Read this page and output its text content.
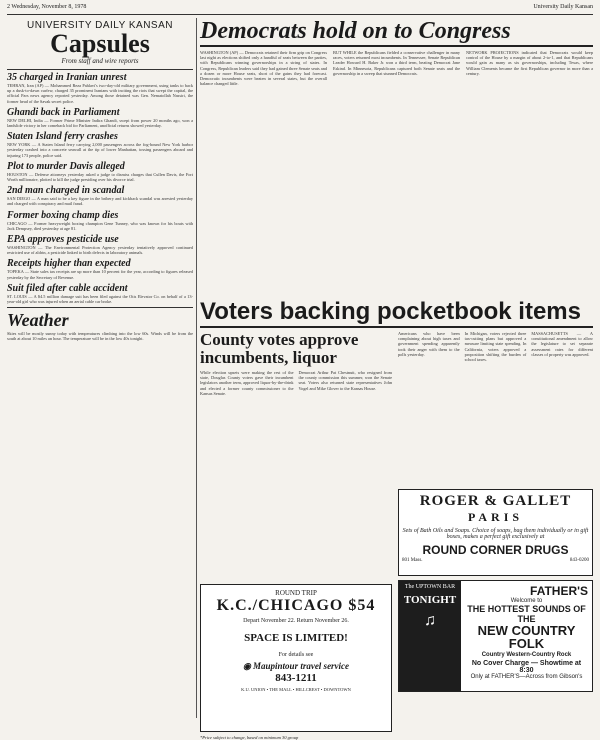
2 Wednesday, November 8, 1978	University Daily Kansan
UNIVERSITY DAILY KANSAN
Capsules
From staff and wire reports
35 charged in Iranian unrest
TEHRAN, Iran (AP) — Mohammed Reza Pahlavi's two-day-old military government, using tanks to back up a dusk-to-dawn curfew, charged 35 prominent Iranians with inciting the riots that swept the capital, the official Pars news agency reported yesterday. Among those detained was Gen. Nematollah Nassiri, the former head of the Savak secret police.
Ghandi back in Parliament
NEW DELHI, India — Former Prime Minister Indira Ghandi, swept from power 20 months ago, won a landslide victory in her comeback bid for Parliament, unofficial returns showed yesterday.
Staten Island ferry crashes
NEW YORK — A Staten Island ferry carrying 2,000 passengers across the fog-bound New York harbor yesterday crashed into a concrete seawall at the tip of lower Manhattan, tossing passengers aboard and injuring 173 people, police said.
Plot to murder Davis alleged
HOUSTON — Defense attorneys yesterday asked a judge to dismiss charges that Cullen Davis, the Fort Worth millionaire, plotted to kill the judge presiding over his divorce trial.
2nd man charged in scandal
SAN DIEGO — A man said to be a key figure in the bribery and kickback scandal was arrested yesterday and charged with conspiracy and mail fraud.
Former boxing champ dies
CHICAGO — Former heavyweight boxing champion Gene Tunney, who was known for his bouts with Jack Dempsey, died yesterday at age 81.
EPA approves pesticide use
WASHINGTON — The Environmental Protection Agency yesterday tentatively approved continued restricted use of aldrin, a pesticide linked to birth defects in laboratory animals.
Receipts higher than expected
TOPEKA — State sales tax receipts are up more than 10 percent for the year, according to figures released yesterday by the Secretary of Revenue.
Suit filed after cable accident
ST. LOUIS — A $4.5 million damage suit has been filed against the Otis Elevator Co. on behalf of a 13-year-old girl who was injured when an aerial cable car broke.
Weather
Skies will be mostly sunny today with temperatures climbing into the low 60s. Winds will be from the south at about 10 miles an hour. The temperature will be in the low 40s tonight.
Democrats hold on to Congress
WASHINGTON (AP) — Democrats retained their firm grip on Congress last night as elections shifted only a handful of seats between the parties, with Republicans winning governorships in a string of states. In Congress, Republican leaders said they had gained three Senate seats and a dozen or more House seats, short of the gains they had forecast. Democratic incumbents were beaten in several states, but the overall balance changed little.
BUT WHILE the Republicans fielded a conservative challenger in many races, voters returned most incumbents. In Tennessee, Senate Republican Leader Howard H. Baker Jr. won a third term, beating Democrat Jane Eskind. In Minnesota, Republicans captured both Senate seats and the governorship in a sweep that stunned Democrats.
NETWORK PROJECTIONS indicated that Democrats would keep control of the House by a margin of about 2-to-1, and that Republicans would gain as many as six governorships, including Texas, where William Clements became the first Republican governor in more than a century.
Voters backing pocketbook items
County votes approve incumbents, liquor
While election upsets were making the rest of the state, Douglas County voters gave their incumbent legislators another term, approved liquor-by-the-drink and elected a former county commissioner to the Kansas Senate.
Democrat Arthur Pat Chestnutt, who resigned from the county commission this summer, won the Senate seat. Voters also returned state representatives John Vogel and Mike Glover to the Kansas House.
ROUND TRIP
K.C./CHICAGO $54
Depart November 22. Return November 26.
SPACE IS LIMITED!
For details see
◉ Maupintour travel service
843-1211
K.U. UNION • THE MALL • HILLCREST • DOWNTOWN
*Price subject to change, based on minimum 30 group
Americans who have been complaining about high taxes and government spending apparently took their anger with them to the polls yesterday.
In Michigan, voters rejected three tax-cutting plans but approved a measure limiting state spending. In California, voters approved a proposition shifting the burden of school taxes.
MASSACHUSETTS — A constitutional amendment to allow the legislature to set separate assessment rates for different classes of property was approved.
ROGER & GALLET
PARIS
Sets of Bath Oils and Soaps. Choice of soaps, bag them individually or in gift boxes, makes a perfect gift exclusively at
ROUND CORNER DRUGS
801 Mass.	843-0200
The UPTOWN BAR
TONIGHT
♫
FATHER'S
Welcome to
THE HOTTEST SOUNDS OF THE
NEW COUNTRY FOLK
Country Western-Country Rock
No Cover Charge — Showtime at 8:30
Only at FATHER'S—Across from Gibson's
